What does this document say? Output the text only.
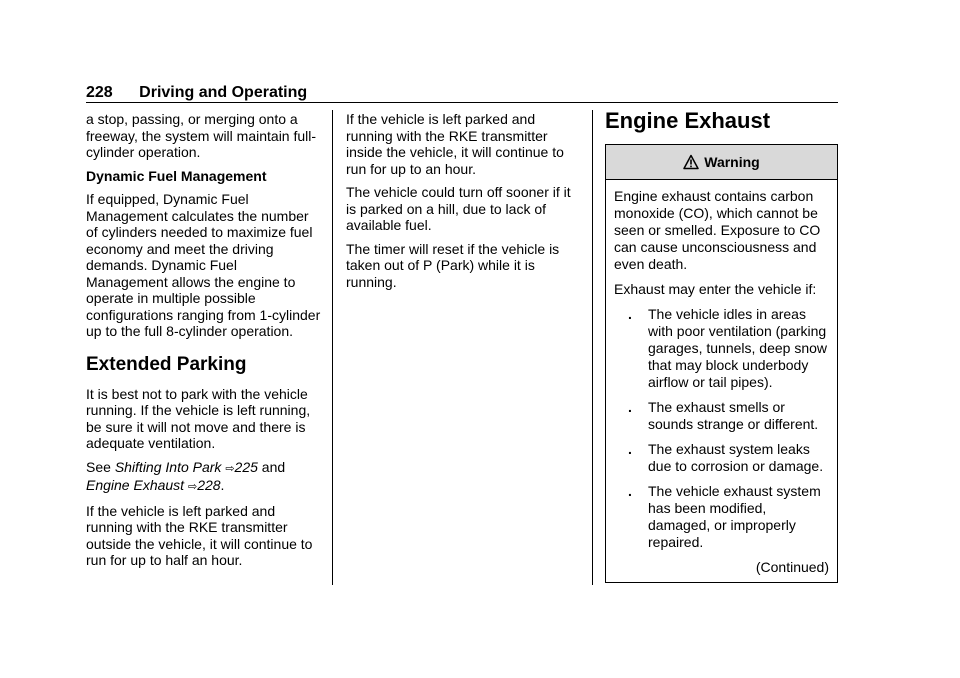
228 Driving and Operating

a stop, passing, or merging onto a freeway, the system will maintain full-cylinder operation.

Dynamic Fuel Management

If equipped, Dynamic Fuel Management calculates the number of cylinders needed to maximize fuel economy and meet the driving demands. Dynamic Fuel Management allows the engine to operate in multiple possible configurations ranging from 1-cylinder up to the full 8-cylinder operation.

Extended Parking

It is best not to park with the vehicle running. If the vehicle is left running, be sure it will not move and there is adequate ventilation.

See Shifting Into Park ⇨225 and
Engine Exhaust ⇨228.

If the vehicle is left parked and running with the RKE transmitter outside the vehicle, it will continue to run for up to half an hour.

If the vehicle is left parked and running with the RKE transmitter inside the vehicle, it will continue to run for up to an hour.

The vehicle could turn off sooner if it is parked on a hill, due to lack of available fuel.

The timer will reset if the vehicle is taken out of P (Park) while it is running.

Engine Exhaust
Warning

Engine exhaust contains carbon monoxide (CO), which cannot be seen or smelled. Exposure to CO can cause unconsciousness and even death.

Exhaust may enter the vehicle if:

. The vehicle idles in areas with poor ventilation (parking garages, tunnels, deep snow that may block underbody airflow or tail pipes).
. The exhaust smells or sounds strange or different.
. The exhaust system leaks due to corrosion or damage.
. The vehicle exhaust system has been modified, damaged, or improperly repaired.
(Continued)
